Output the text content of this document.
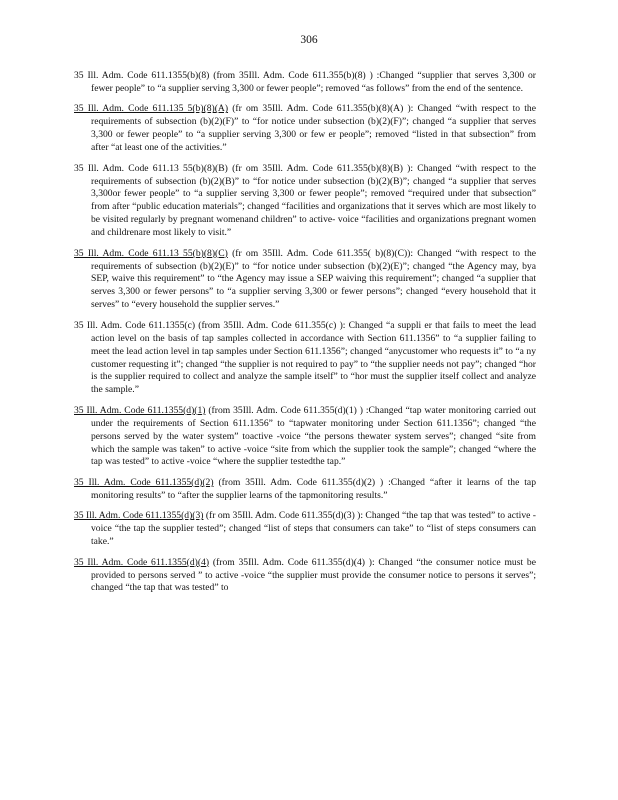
306

35 Ill. Adm. Code 611.1355(b)(8) (from 35Ill. Adm. Code 611.355(b)(8) ) :Changed “supplier that serves 3,300 or fewer people” to “a supplier serving 3,300 or fewer people”; removed “as follows” from the end of the sentence.

35 Ill. Adm. Code 611.135 5(b)(8)(A) (fr om 35Ill. Adm. Code 611.355(b)(8)(A) ): Changed “with respect to the requirements of subsection (b)(2)(F)” to “for notice under subsection (b)(2)(F)”; changed “a supplier that serves 3,300 or fewer people” to “a supplier serving 3,300 or few er people”; removed “listed in that subsection” from after “at least one of the activities.”

35 Ill. Adm. Code 611.13 55(b)(8)(B) (fr om 35Ill. Adm. Code 611.355(b)(8)(B) ): Changed “with respect to the requirements of subsection (b)(2)(B)” to “for notice under subsection (b)(2)(B)”; changed “a supplier that serves 3,300or fewer people” to “a supplier serving 3,300 or fewer people”; removed “required under that subsection” from after “public education materials”; changed “facilities and organizations that it serves which are most likely to be visited regularly by pregnant womenand children” to active- voice “facilities and organizations pregnant women and childrenare most likely to visit.”

35 Ill. Adm. Code 611.13 55(b)(8)(C) (fr om 35Ill. Adm. Code 611.355( b)(8)(C)): Changed “with respect to the requirements of subsection (b)(2)(E)” to “for notice under subsection (b)(2)(E)”; changed “the Agency may, bya SEP, waive this requirement” to “the Agency may issue a SEP waiving this requirement”; changed “a supplier that serves 3,300 or fewer persons” to “a supplier serving 3,300 or fewer persons”; changed “every household that it serves” to “every household the supplier serves.”

35 Ill. Adm. Code 611.1355(c) (from 35Ill. Adm. Code 611.355(c) ): Changed “a suppli er that fails to meet the lead action level on the basis of tap samples collected in accordance with Section 611.1356” to “a supplier failing to meet the lead action level in tap samples under Section 611.1356”; changed “anycustomer who requests it” to “a ny customer requesting it”; changed “the supplier is not required to pay” to “the supplier needs not pay”; changed “hor is the supplier required to collect and analyze the sample itself” to “hor must the supplier itself collect and analyze the sample.”

35 Ill. Adm. Code 611.1355(d)(1) (from 35Ill. Adm. Code 611.355(d)(1) ) :Changed “tap water monitoring carried out under the requirements of Section 611.1356” to “tapwater monitoring under Section 611.1356”; changed “the persons served by the water system” toactive -voice “the persons thewater system serves”; changed “site from which the sample was taken” to active -voice “site from which the supplier took the sample”; changed “where the tap was tested” to active -voice “where the supplier testedthe tap.”

35 Ill. Adm. Code 611.1355(d)(2) (from 35Ill. Adm. Code 611.355(d)(2) ) :Changed “after it learns of the tap monitoring results” to “after the supplier learns of the tapmonitoring results.”

35 Ill. Adm. Code 611.1355(d)(3) (fr om 35Ill. Adm. Code 611.355(d)(3) ): Changed “the tap that was tested” to active -voice “the tap the supplier tested”; changed “list of steps that consumers can take” to “list of steps consumers can take.”

35 Ill. Adm. Code 611.1355(d)(4) (from 35Ill. Adm. Code 611.355(d)(4) ): Changed “the consumer notice must be provided to persons served ” to active -voice “the supplier must provide the consumer notice to persons it serves”; changed “the tap that was tested” to
